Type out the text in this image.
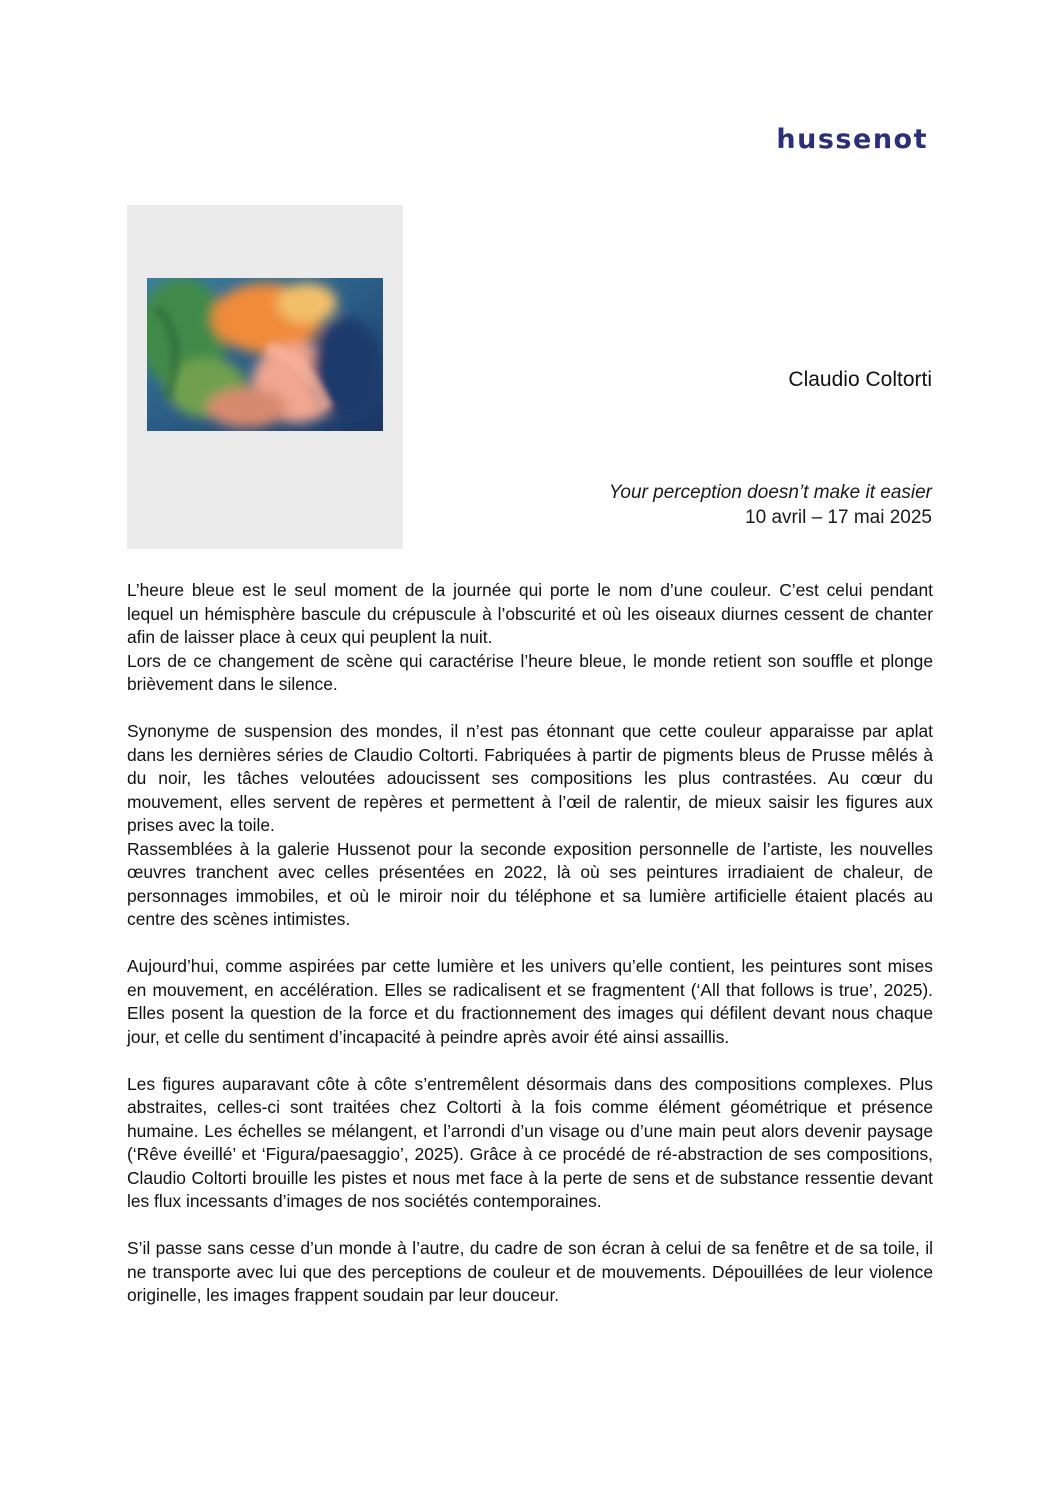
hussenot
Claudio Coltorti
Your perception doesn’t make it easier
10 avril – 17 mai 2025

L’heure bleue est le seul moment de la journée qui porte le nom d’une couleur. C’est celui pendant lequel un hémisphère bascule du crépuscule à l’obscurité et où les oiseaux diurnes cessent de chanter afin de laisser place à ceux qui peuplent la nuit.

Lors de ce changement de scène qui caractérise l’heure bleue, le monde retient son souffle et plonge brièvement dans le silence.

Synonyme de suspension des mondes, il n’est pas étonnant que cette couleur apparaisse par aplat dans les dernières séries de Claudio Coltorti. Fabriquées à partir de pigments bleus de Prusse mêlés à du noir, les tâches veloutées adoucissent ses compositions les plus contrastées. Au cœur du mouvement, elles servent de repères et permettent à l’œil de ralentir, de mieux saisir les figures aux prises avec la toile.

Rassemblées à la galerie Hussenot pour la seconde exposition personnelle de l’artiste, les nouvelles œuvres tranchent avec celles présentées en 2022, là où ses peintures irradiaient de chaleur, de personnages immobiles, et où le miroir noir du téléphone et sa lumière artificielle étaient placés au centre des scènes intimistes.

Aujourd’hui, comme aspirées par cette lumière et les univers qu’elle contient, les peintures sont mises en mouvement, en accélération. Elles se radicalisent et se fragmentent (‘All that follows is true’, 2025). Elles posent la question de la force et du fractionnement des images qui défilent devant nous chaque jour, et celle du sentiment d’incapacité à peindre après avoir été ainsi assaillis.

Les figures auparavant côte à côte s’entremêlent désormais dans des compositions complexes. Plus abstraites, celles-ci sont traitées chez Coltorti à la fois comme élément géométrique et présence humaine. Les échelles se mélangent, et l’arrondi d’un visage ou d’une main peut alors devenir paysage (‘Rêve éveillé’ et ‘Figura/paesaggio’, 2025). Grâce à ce procédé de ré-abstraction de ses compositions, Claudio Coltorti brouille les pistes et nous met face à la perte de sens et de substance ressentie devant les flux incessants d’images de nos sociétés contemporaines.

S’il passe sans cesse d’un monde à l’autre, du cadre de son écran à celui de sa fenêtre et de sa toile, il ne transporte avec lui que des perceptions de couleur et de mouvements. Dépouillées de leur violence originelle, les images frappent soudain par leur douceur.
